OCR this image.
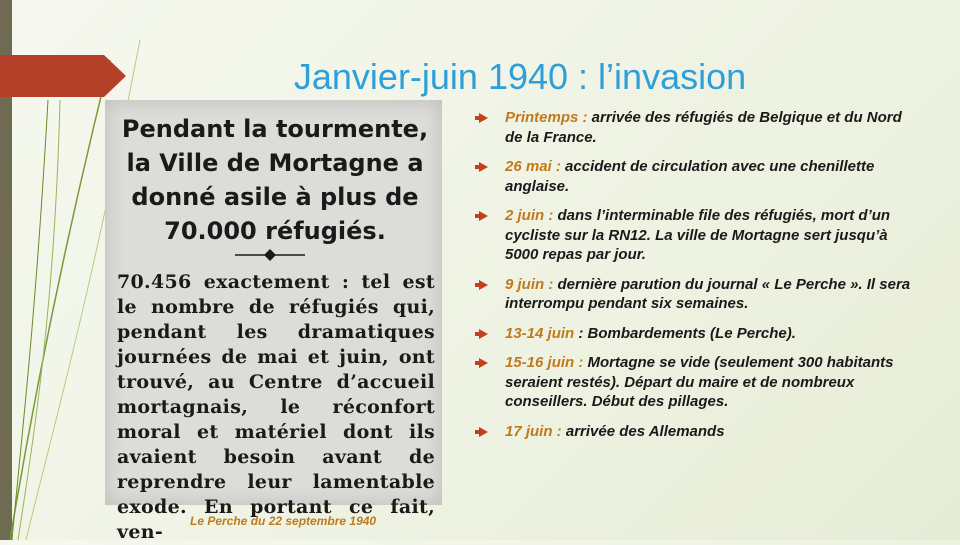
Janvier-juin 1940 : l’invasion
Pendant la tourmente, la Ville de Mortagne a donné asile à plus de 70.000 réfugiés.
70.456 exactement : tel est le nombre de réfugiés qui, pendant les dramatiques journées de mai et juin, ont trouvé, au Centre d’accueil mortagnais, le réconfort moral et matériel dont ils avaient besoin avant de reprendre leur lamentable exode. En portant ce fait, ven-	Le Perche du 22 septembre 1940
Printemps : arrivée des réfugiés de Belgique et du Nord de la France.
26 mai : accident de circulation avec une chenillette anglaise.
2 juin : dans l’interminable file des réfugiés, mort d’un cycliste sur la RN12. La ville de Mortagne sert jusqu’à 5000 repas par jour.
9 juin : dernière parution du journal « Le Perche ». Il sera interrompu pendant six semaines.
13-14 juin : Bombardements (Le Perche).
15-16 juin : Mortagne se vide (seulement 300 habitants seraient restés). Départ du maire et de nombreux conseillers. Début des pillages.
17 juin : arrivée des Allemands
